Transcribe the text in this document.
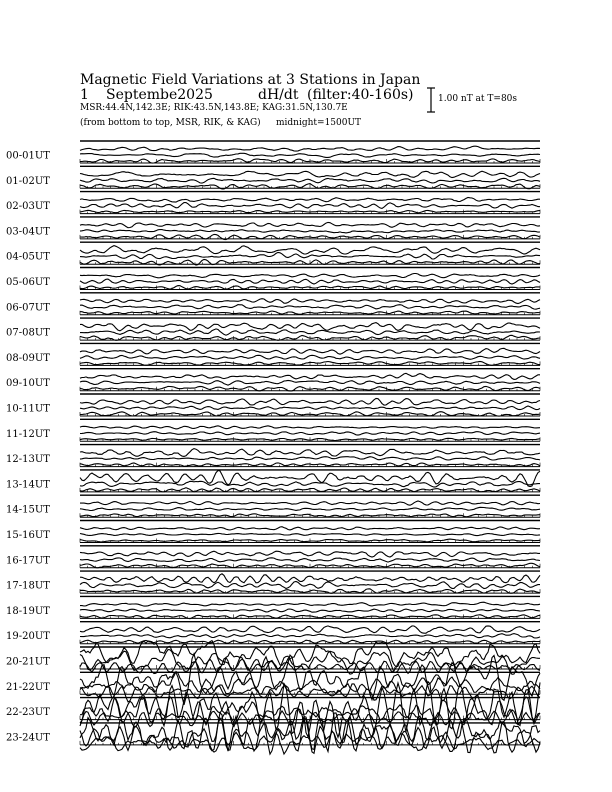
Magnetic Field Variations at 3 Stations in Japan
1 Septembe2025	dH/dt (filter:40-160s)
MSR:44.4N,142.3E; RIK:43.5N,143.8E; KAG:31.5N,130.7E
(from bottom to top, MSR, RIK, & KAG) midnight=1500UT
1.00 nT at T=80s
00-01UT
01-02UT
02-03UT
03-04UT
04-05UT
05-06UT
06-07UT
07-08UT
08-09UT
09-10UT
10-11UT
11-12UT
12-13UT
13-14UT
14-15UT
15-16UT
16-17UT
17-18UT
18-19UT
19-20UT
20-21UT
21-22UT
22-23UT
23-24UT
